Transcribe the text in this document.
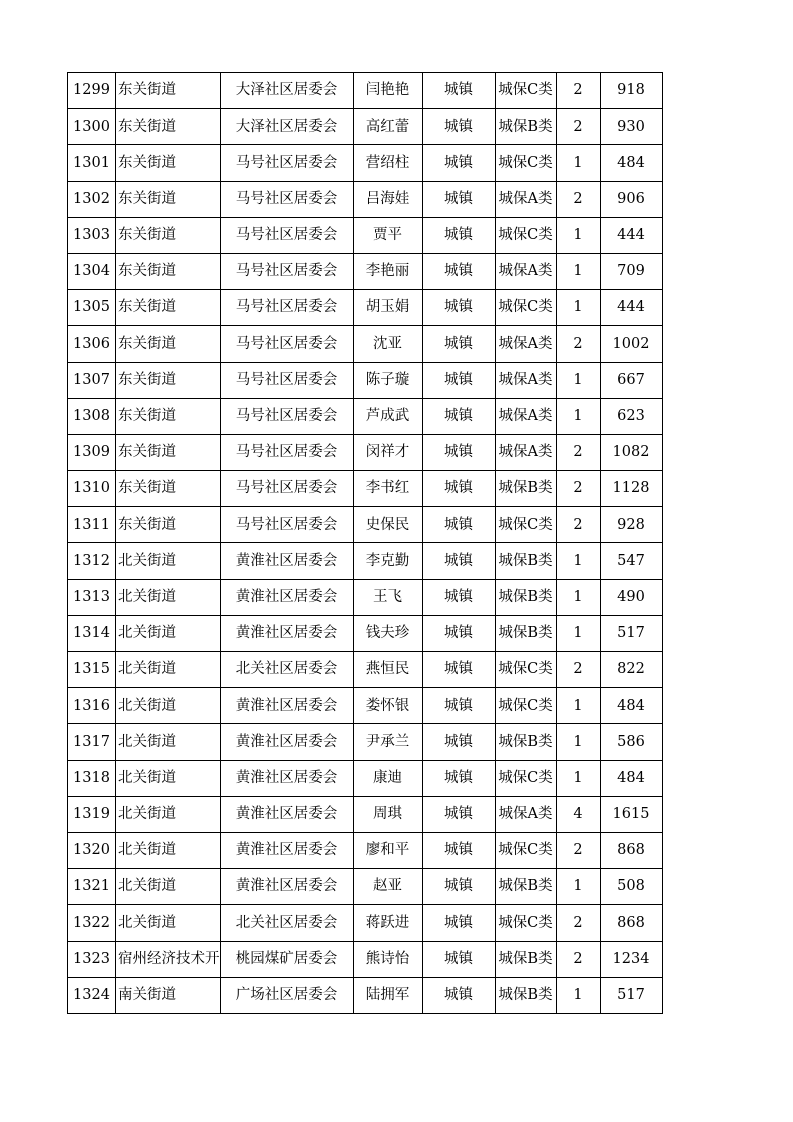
1299	东关街道	大泽社区居委会	闫艳艳	城镇	城保C类	2	918
1300	东关街道	大泽社区居委会	高红蕾	城镇	城保B类	2	930
1301	东关街道	马号社区居委会	营绍柱	城镇	城保C类	1	484
1302	东关街道	马号社区居委会	吕海娃	城镇	城保A类	2	906
1303	东关街道	马号社区居委会	贾平	城镇	城保C类	1	444
1304	东关街道	马号社区居委会	李艳丽	城镇	城保A类	1	709
1305	东关街道	马号社区居委会	胡玉娟	城镇	城保C类	1	444
1306	东关街道	马号社区居委会	沈亚	城镇	城保A类	2	1002
1307	东关街道	马号社区居委会	陈子璇	城镇	城保A类	1	667
1308	东关街道	马号社区居委会	芦成武	城镇	城保A类	1	623
1309	东关街道	马号社区居委会	闵祥才	城镇	城保A类	2	1082
1310	东关街道	马号社区居委会	李书红	城镇	城保B类	2	1128
1311	东关街道	马号社区居委会	史保民	城镇	城保C类	2	928
1312	北关街道	黄淮社区居委会	李克勤	城镇	城保B类	1	547
1313	北关街道	黄淮社区居委会	王飞	城镇	城保B类	1	490
1314	北关街道	黄淮社区居委会	钱夫珍	城镇	城保B类	1	517
1315	北关街道	北关社区居委会	燕恒民	城镇	城保C类	2	822
1316	北关街道	黄淮社区居委会	娄怀银	城镇	城保C类	1	484
1317	北关街道	黄淮社区居委会	尹承兰	城镇	城保B类	1	586
1318	北关街道	黄淮社区居委会	康迪	城镇	城保C类	1	484
1319	北关街道	黄淮社区居委会	周琪	城镇	城保A类	4	1615
1320	北关街道	黄淮社区居委会	廖和平	城镇	城保C类	2	868
1321	北关街道	黄淮社区居委会	赵亚	城镇	城保B类	1	508
1322	北关街道	北关社区居委会	蒋跃进	城镇	城保C类	2	868
1323	宿州经济技术开	桃园煤矿居委会	熊诗怡	城镇	城保B类	2	1234
1324	南关街道	广场社区居委会	陆拥军	城镇	城保B类	1	517
